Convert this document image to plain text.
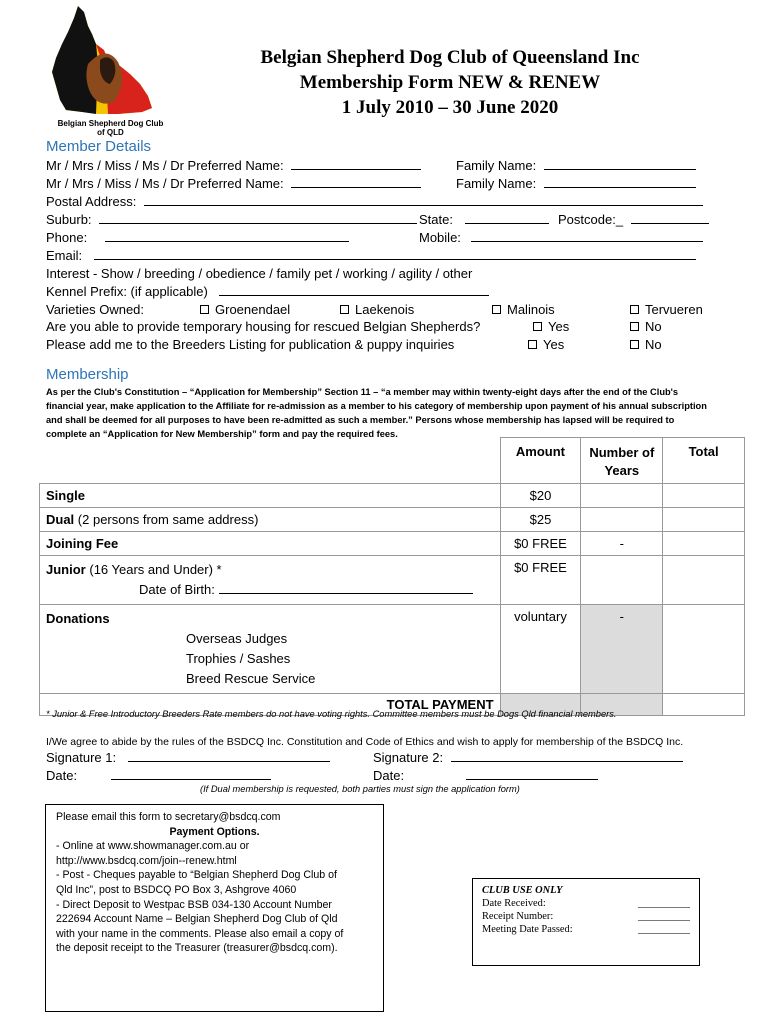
Belgian Shepherd Dog Club
of QLD
Belgian Shepherd Dog Club of Queensland Inc
Membership Form NEW & RENEW
1 July 2010 – 30 June 2020
Member Details
Mr / Mrs / Miss / Ms / Dr Preferred Name:	Family Name:
Mr / Mrs / Miss / Ms / Dr Preferred Name:	Family Name:
Postal Address:
Suburb:	State:	Postcode:_
Phone:	Mobile:
Email:
Interest - Show / breeding / obedience / family pet / working / agility / other
Kennel Prefix: (if applicable)
Varieties Owned:	Groenendael	Laekenois	Malinois	Tervueren
Are you able to provide temporary housing for rescued Belgian Shepherds?	Yes	No
Please add me to the Breeders Listing for publication & puppy inquiries	Yes	No
Membership
As per the Club's Constitution – “Application for Membership” Section 11 – “a member may within twenty-eight days after the end of the Club's financial year, make application to the Affiliate for re-admission as a member to his category of membership upon payment of his annual subscription and shall be deemed for all purposes to have been re-admitted as such a member.” Persons whose membership has lapsed will be required to complete an “Application for New Membership” form and pay the required fees.
	Amount	Number of Years	Total
Single	$20		
Dual (2 persons from same address)	$25		
Joining Fee	$0 FREE	-	

Junior (16 Years and Under) *
Date of Birth:	$0 FREE		

Donations
Overseas Judges
Trophies / Sashes
Breed Rescue Service	voluntary	-	
TOTAL PAYMENT			
* Junior & Free Introductory Breeders Rate members do not have voting rights. Committee members must be Dogs Qld financial members.
I/We agree to abide by the rules of the BSDCQ Inc. Constitution and Code of Ethics and wish to apply for membership of the BSDCQ Inc.
Signature 1:	Signature 2:
Date:	Date:
(If Dual membership is requested, both parties must sign the application form)
Please email this form to secretary@bsdcq.com
Payment Options.
- Online at www.showmanager.com.au or
http://www.bsdcq.com/join--renew.html
- Post - Cheques payable to “Belgian Shepherd Dog Club of
Qld Inc”, post to BSDCQ PO Box 3, Ashgrove 4060
- Direct Deposit to Westpac BSB 034-130 Account Number
222694 Account Name – Belgian Shepherd Dog Club of Qld
with your name in the comments. Please also email a copy of
the deposit receipt to the Treasurer (treasurer@bsdcq.com).
CLUB USE ONLY
Date Received:	__________
Receipt Number:	__________
Meeting Date Passed:	__________
